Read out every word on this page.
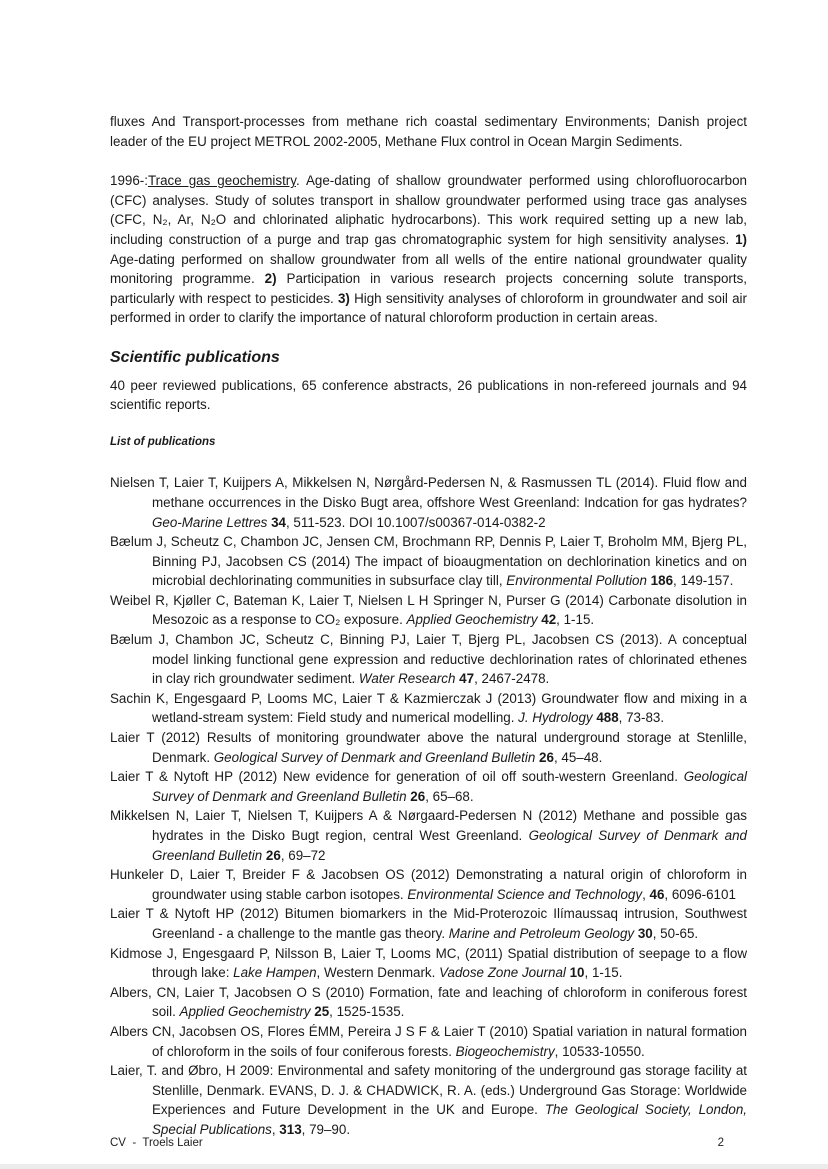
fluxes And Transport-processes from methane rich coastal sedimentary Environments; Danish project leader of the EU project METROL 2002-2005, Methane Flux control in Ocean Margin Sediments.

1996-:Trace gas geochemistry. Age-dating of shallow groundwater performed using chlorofluorocarbon (CFC) analyses. Study of solutes transport in shallow groundwater performed using trace gas analyses (CFC, N₂, Ar, N₂O and chlorinated aliphatic hydrocarbons). This work required setting up a new lab, including construction of a purge and trap gas chromatographic system for high sensitivity analyses. 1) Age-dating performed on shallow groundwater from all wells of the entire national groundwater quality monitoring programme. 2) Participation in various research projects concerning solute transports, particularly with respect to pesticides. 3) High sensitivity analyses of chloroform in groundwater and soil air performed in order to clarify the importance of natural chloroform production in certain areas.

Scientific publications

40 peer reviewed publications, 65 conference abstracts, 26 publications in non-refereed journals and 94 scientific reports.

List of publications
Nielsen T, Laier T, Kuijpers A, Mikkelsen N, Nørgård-Pedersen N, & Rasmussen TL (2014). Fluid flow and methane occurrences in the Disko Bugt area, offshore West Greenland: Indcation for gas hydrates? Geo-Marine Lettres 34, 511-523. DOI 10.1007/s00367-014-0382-2
Bælum J, Scheutz C, Chambon JC, Jensen CM, Brochmann RP, Dennis P, Laier T, Broholm MM, Bjerg PL, Binning PJ, Jacobsen CS (2014) The impact of bioaugmentation on dechlorination kinetics and on microbial dechlorinating communities in subsurface clay till, Environmental Pollution 186, 149-157.
Weibel R, Kjøller C, Bateman K, Laier T, Nielsen L H Springer N, Purser G (2014) Carbonate disolution in Mesozoic as a response to CO₂ exposure. Applied Geochemistry 42, 1-15.
Bælum J, Chambon JC, Scheutz C, Binning PJ, Laier T, Bjerg PL, Jacobsen CS (2013). A conceptual model linking functional gene expression and reductive dechlorination rates of chlorinated ethenes in clay rich groundwater sediment. Water Research 47, 2467-2478.
Sachin K, Engesgaard P, Looms MC, Laier T & Kazmierczak J (2013) Groundwater flow and mixing in a wetland-stream system: Field study and numerical modelling. J. Hydrology 488, 73-83.
Laier T (2012) Results of monitoring groundwater above the natural underground storage at Stenlille, Denmark. Geological Survey of Denmark and Greenland Bulletin 26, 45–48.
Laier T & Nytoft HP (2012) New evidence for generation of oil off south-western Greenland. Geological Survey of Denmark and Greenland Bulletin 26, 65–68.
Mikkelsen N, Laier T, Nielsen T, Kuijpers A & Nørgaard-Pedersen N (2012) Methane and possible gas hydrates in the Disko Bugt region, central West Greenland. Geological Survey of Denmark and Greenland Bulletin 26, 69–72
Hunkeler D, Laier T, Breider F & Jacobsen OS (2012) Demonstrating a natural origin of chloroform in groundwater using stable carbon isotopes. Environmental Science and Technology, 46, 6096-6101
Laier T & Nytoft HP (2012) Bitumen biomarkers in the Mid-Proterozoic Ilímaussaq intrusion, Southwest Greenland - a challenge to the mantle gas theory. Marine and Petroleum Geology 30, 50-65.
Kidmose J, Engesgaard P, Nilsson B, Laier T, Looms MC, (2011) Spatial distribution of seepage to a flow through lake: Lake Hampen, Western Denmark. Vadose Zone Journal 10, 1-15.
Albers, CN, Laier T, Jacobsen O S (2010) Formation, fate and leaching of chloroform in coniferous forest soil. Applied Geochemistry 25, 1525-1535.
Albers CN, Jacobsen OS, Flores ÉMM, Pereira J S F & Laier T (2010) Spatial variation in natural formation of chloroform in the soils of four coniferous forests. Biogeochemistry, 10533-10550.
Laier, T. and Øbro, H 2009: Environmental and safety monitoring of the underground gas storage facility at Stenlille, Denmark. EVANS, D. J. & CHADWICK, R. A. (eds.) Underground Gas Storage: Worldwide Experiences and Future Development in the UK and Europe. The Geological Society, London, Special Publications, 313, 79–90.
CV  -  Troels Laier	2
